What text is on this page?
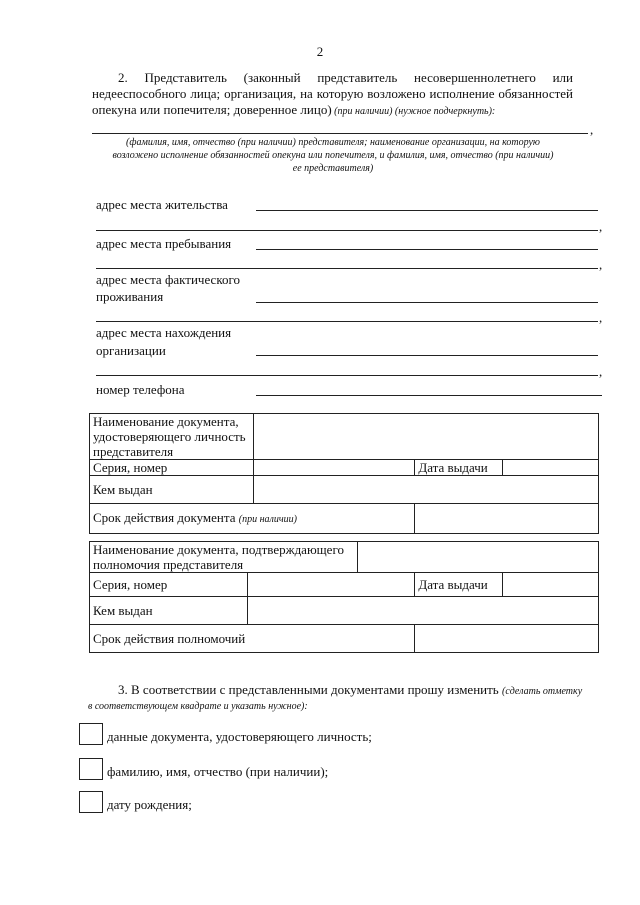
2
2. Представитель (законный представитель несовершеннолетнего или
недееспособного лица; организация, на которую возложено исполнение обязанностей
опекуна или попечителя; доверенное лицо) (при наличии) (нужное подчеркнуть):
,
(фамилия, имя, отчество (при наличии) представителя; наименование организации, на которую
возложено исполнение обязанностей опекуна или попечителя, и фамилия, имя, отчество (при наличии)
ее представителя)
адрес места жительства
,
адрес места пребывания
,
адрес места фактического
проживания
,
адрес места нахождения
организации
,
номер телефона
Наименование документа,
удостоверяющего личность
представителя			

Серия, номер		Дата выдачи	
Кем выдан			
Срок действия документа (при наличии)			
Наименование документа, подтверждающего
полномочия представителя				

Серия, номер			Дата выдачи	
Кем выдан				
Срок действия полномочий				
3. В соответствии с представленными документами прошу изменить (сделать отметку
в соответствующем квадрате и указать нужное):
данные документа, удостоверяющего личность;
фамилию, имя, отчество (при наличии);
дату рождения;
